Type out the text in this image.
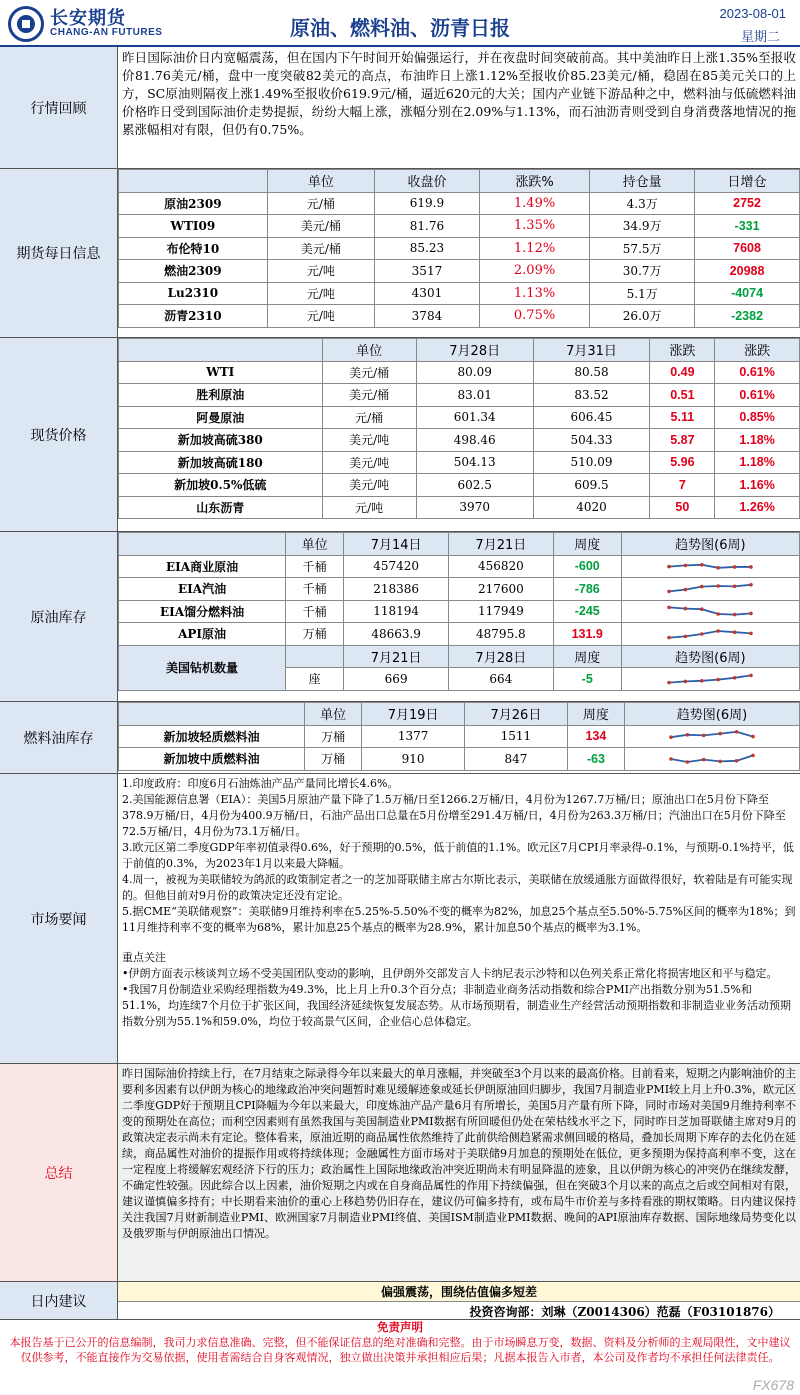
长安期货
CHANG-AN FUTURES	原油、燃料油、沥青日报
2023-08-01
星期二
行情回顾
昨日国际油价日内宽幅震荡，但在国内下午时间开始偏强运行，并在夜盘时间突破前高。其中美油昨日上涨1.35%至报收价81.76美元/桶，盘中一度突破82美元的高点，布油昨日上涨1.12%至报收价85.23美元/桶，稳固在85美元关口的上方，SC原油则隔夜上涨1.49%至报收价619.9元/桶，逼近620元的大关；国内产业链下游品种之中，燃料油与低硫燃料油价格昨日受到国际油价走势提振，纷纷大幅上涨，涨幅分别在2.09%与1.13%，而石油沥青则受到自身消费落地情况的拖累涨幅相对有限，但仍有0.75%。
期货每日信息
	单位	收盘价	涨跌%	持仓量	日增仓
原油2309	元/桶	619.9	1.49%	4.3万	2752
WTI09	美元/桶	81.76	1.35%	34.9万	-331
布伦特10	美元/桶	85.23	1.12%	57.5万	7608
燃油2309	元/吨	3517	2.09%	30.7万	20988
Lu2310	元/吨	4301	1.13%	5.1万	-4074
沥青2310	元/吨	3784	0.75%	26.0万	-2382
现货价格
	单位	7月28日	7月31日	涨跌	涨跌
WTI	美元/桶	80.09	80.58	0.49	0.61%
胜利原油	美元/桶	83.01	83.52	0.51	0.61%
阿曼原油	元/桶	601.34	606.45	5.11	0.85%
新加坡高硫380	美元/吨	498.46	504.33	5.87	1.18%
新加坡高硫180	美元/吨	504.13	510.09	5.96	1.18%
新加坡0.5%低硫	美元/吨	602.5	609.5	7	1.16%
山东沥青	元/吨	3970	4020	50	1.26%
原油库存
	单位	7月14日	7月21日	周度	趋势图(6周)
EIA商业原油	千桶	457420	456820	-600	

EIA汽油	千桶	218386	217600	-786	

EIA馏分燃料油	千桶	118194	117949	-245	

API原油	万桶	48663.9	48795.8	131.9	

美国钻机数量		7月21日	7月28日	周度	趋势图(6周)
	座	669	664	-5	
燃料油库存
	单位	7月19日	7月26日	周度	趋势图(6周)
新加坡轻质燃料油	万桶	1377	1511	134	

新加坡中质燃料油	万桶	910	847	-63	
市场要闻

1.印度政府：印度6月石油炼油产品产量同比增长4.6%。

2.美国能源信息署（EIA）：美国5月原油产量下降了1.5万桶/日至1266.2万桶/日，4月份为1267.7万桶/日；原油出口在5月份下降至378.9万桶/日，4月份为400.9万桶/日，石油产品出口总量在5月份增至291.4万桶/日，4月份为263.3万桶/日；汽油出口在5月份下降至72.5万桶/日，4月份为73.1万桶/日。

3.欧元区第二季度GDP年率初值录得0.6%，好于预期的0.5%，低于前值的1.1%。欧元区7月CPI月率录得-0.1%，与预期-0.1%持平，低于前值的0.3%，为2023年1月以来最大降幅。

4.周一，被视为美联储较为鸽派的政策制定者之一的芝加哥联储主席古尔斯比表示，美联储在放缓通胀方面做得很好，软着陆是有可能实现的。但他目前对9月份的政策决定还没有定论。

5.据CME“美联储观察”：美联储9月维持利率在5.25%-5.50%不变的概率为82%，加息25个基点至5.50%-5.75%区间的概率为18%；到11月维持利率不变的概率为68%，累计加息25个基点的概率为28.9%，累计加息50个基点的概率为3.1%。

重点关注

•伊朗方面表示核谈判立场不受美国团队变动的影响，且伊朗外交部发言人卡纳尼表示沙特和以色列关系正常化将损害地区和平与稳定。

•我国7月份制造业采购经理指数为49.3%，比上月上升0.3个百分点；非制造业商务活动指数和综合PMI产出指数分别为51.5%和51.1%，均连续7个月位于扩张区间，我国经济延续恢复发展态势。从市场预期看，制造业生产经营活动预期指数和非制造业业务活动预期指数分别为55.1%和59.0%，均位于较高景气区间，企业信心总体稳定。

总结
昨日国际油价持续上行，在7月结束之际录得今年以来最大的单月涨幅，并突破至3个月以来的最高价格。目前看来，短期之内影响油价的主要利多因素有以伊朗为核心的地缘政治冲突问题暂时难见缓解迹象或延长伊朗原油回归脚步，我国7月制造业PMI较上月上升0.3%，欧元区二季度GDP好于预期且CPI降幅为今年以来最大，印度炼油产品产量6月有所增长，美国5月产量有所下降，同时市场对美国9月维持利率不变的预期处在高位；而利空因素则有虽然我国与美国制造业PMI数据有所回暖但仍处在荣枯线水平之下，同时昨日芝加哥联储主席对9月的政策决定表示尚未有定论。整体看来，原油近期的商品属性依然维持了此前供给侧趋紧需求侧回暖的格局，叠加长周期下库存的去化仍在延续，商品属性对油价的提振作用或将持续体现；金融属性方面市场对于美联储9月加息的预期处在低位，更多预期为保持高利率不变，这在一定程度上将缓解宏观经济下行的压力；政治属性上国际地缘政治冲突近期尚未有明显降温的迹象，且以伊朗为核心的冲突仍在继续发酵，不确定性较强。因此综合以上因素，油价短期之内或在自身商品属性的作用下持续偏强，但在突破3个月以来的高点之后或空间相对有限，建议谨慎偏多持有；中长期看来油价的重心上移趋势仍旧存在，建议仍可偏多持有，或布局牛市价差与多持看涨的期权策略。日内建议保持关注我国7月财新制造业PMI、欧洲国家7月制造业PMI终值、美国ISM制造业PMI数据、晚间的API原油库存数据、国际地缘局势变化以及俄罗斯与伊朗原油出口情况。
日内建议
偏强震荡，围绕估值偏多短差
投资咨询部：刘琳（Z0014306）范磊（F03101876）
免责声明
本报告基于已公开的信息编制，我司力求信息准确、完整，但不能保证信息的绝对准确和完整。由于市场瞬息万变，数据、资料及分析师的主观局限性，文中建议仅供参考，不能直接作为交易依据，使用者需结合自身客观情况，独立做出决策并承担相应后果；凡据本报告入市者，本公司及作者均不承担任何法律责任。
FX678
